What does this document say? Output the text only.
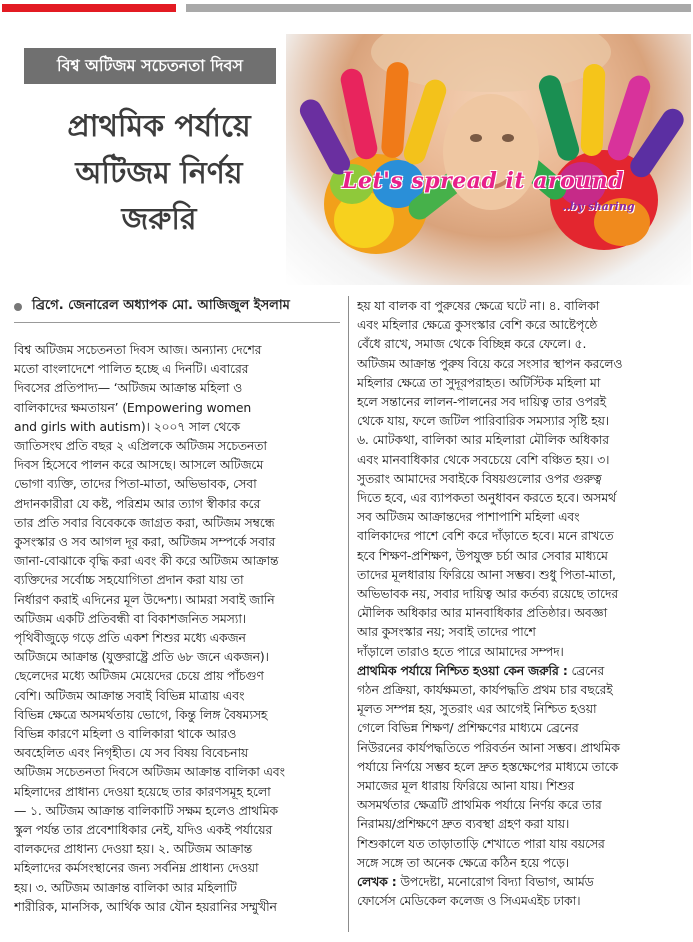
বিশ্ব অটিজম সচেতনতা দিবস
প্রাথমিক পর্যায়ে
অটিজম নির্ণয়
জরুরি
Let's spread it around
..by sharing
ব্রিগে. জেনারেল অধ্যাপক মো. আজিজুল ইসলাম
বিশ্ব অটিজম সচেতনতা দিবস আজ। অন্যান্য দেশের
মতো বাংলাদেশে পালিত হচ্ছে এ দিনটি। এবারের
দিবসের প্রতিপাদ্য— ‘অটিজম আক্রান্ত মহিলা ও
বালিকাদের ক্ষমতায়ন’ (Empowering women
and girls with autism)। ২০০৭ সাল থেকে
জাতিসংঘ প্রতি বছর ২ এপ্রিলকে অটিজম সচেতনতা
দিবস হিসেবে পালন করে আসছে। আসলে অটিজমে
ভোগা ব্যক্তি, তাদের পিতা-মাতা, অভিভাবক, সেবা
প্রদানকারীরা যে কষ্ট, পরিশ্রম আর ত্যাগ স্বীকার করে
তার প্রতি সবার বিবেককে জাগ্রত করা, অটিজম সম্বন্ধে
কুসংস্কার ও সব আগল দূর করা, অটিজম সম্পর্কে সবার
জানা-বোঝাকে বৃদ্ধি করা এবং কী করে অটিজম আক্রান্ত
ব্যক্তিদের সর্বোচ্চ সহযোগিতা প্রদান করা যায় তা
নির্ধারণ করাই এদিনের মূল উদ্দেশ্য। আমরা সবাই জানি
অটিজম একটি প্রতিবন্ধী বা বিকাশজনিত সমস্যা।
পৃথিবীজুড়ে গড়ে প্রতি একশ শিশুর মধ্যে একজন
অটিজমে আক্রান্ত (যুক্তরাষ্ট্রে প্রতি ৬৮ জনে একজন)।
ছেলেদের মধ্যে অটিজম মেয়েদের চেয়ে প্রায় পাঁচগুণ
বেশি। অটিজম আক্রান্ত সবাই বিভিন্ন মাত্রায় এবং
বিভিন্ন ক্ষেত্রে অসমর্থতায় ভোগে, কিন্তু লিঙ্গ বৈষম্যসহ
বিভিন্ন কারণে মহিলা ও বালিকারা থাকে আরও
অবহেলিত এবং নিগৃহীত। যে সব বিষয় বিবেচনায়
অটিজম সচেতনতা দিবসে অটিজম আক্রান্ত বালিকা এবং
মহিলাদের প্রাধান্য দেওয়া হয়েছে তার কারণসমূহ হলো
— ১. অটিজম আক্রান্ত বালিকাটি সক্ষম হলেও প্রাথমিক
স্কুল পর্যন্ত তার প্রবেশাধিকার নেই, যদিও একই পর্যায়ের
বালকদের প্রাধান্য দেওয়া হয়। ২. অটিজম আক্রান্ত
মহিলাদের কর্মসংস্থানের জন্য সর্বনিম্ন প্রাধান্য দেওয়া
হয়। ৩. অটিজম আক্রান্ত বালিকা আর মহিলাটি
শারীরিক, মানসিক, আর্থিক আর যৌন হয়রানির সম্মুখীন
হয় যা বালক বা পুরুষের ক্ষেত্রে ঘটে না। ৪. বালিকা
এবং মহিলার ক্ষেত্রে কুসংস্কার বেশি করে আষ্টেপৃষ্ঠে
বেঁধে রাখে, সমাজ থেকে বিচ্ছিন্ন করে ফেলে। ৫.
অটিজম আক্রান্ত পুরুষ বিয়ে করে সংসার স্থাপন করলেও
মহিলার ক্ষেত্রে তা সুদূরপরাহত। অটিস্টিক মহিলা মা
হলে সন্তানের লালন-পালনের সব দায়িত্ব তার ওপরই
থেকে যায়, ফলে জটিল পারিবারিক সমস্যার সৃষ্টি হয়।
৬. মোটকথা, বালিকা আর মহিলারা মৌলিক অধিকার
এবং মানবাধিকার থেকে সবচেয়ে বেশি বঞ্চিত হয়। ৩।
সুতরাং আমাদের সবাইকে বিষয়গুলোর ওপর গুরুত্ব
দিতে হবে, এর ব্যাপকতা অনুধাবন করতে হবে। অসমর্থ
সব অটিজম আক্রান্তদের পাশাপাশি মহিলা এবং
বালিকাদের পাশে বেশি করে দাঁড়াতে হবে। মনে রাখতে
হবে শিক্ষণ-প্রশিক্ষণ, উপযুক্ত চর্চা আর সেবার মাধ্যমে
তাদের মূলধারায় ফিরিয়ে আনা সম্ভব। শুধু পিতা-মাতা,
অভিভাবক নয়, সবার দায়িত্ব আর কর্তব্য রয়েছে তাদের
মৌলিক অধিকার আর মানবাধিকার প্রতিষ্ঠার। অবজ্ঞা
আর কুসংস্কার নয়; সবাই তাদের পাশে
দাঁড়ালে তারাও হতে পারে আমাদের সম্পদ।
প্রাথমিক পর্যায়ে নিশ্চিত হওয়া কেন জরুরি : ব্রেনের
গঠন প্রক্রিয়া, কার্যক্ষমতা, কার্যপদ্ধতি প্রথম চার বছরেই
মূলত সম্পন্ন হয়, সুতরাং এর আগেই নিশ্চিত হওয়া
গেলে বিভিন্ন শিক্ষণ/ প্রশিক্ষণের মাধ্যমে ব্রেনের
নিউরনের কার্যপদ্ধতিতে পরিবর্তন আনা সম্ভব। প্রাথমিক
পর্যায়ে নির্ণয়ে সম্ভব হলে দ্রুত হস্তক্ষেপের মাধ্যমে তাকে
সমাজের মূল ধারায় ফিরিয়ে আনা যায়। শিশুর
অসমর্থতার ক্ষেত্রটি প্রাথমিক পর্যায়ে নির্ণয় করে তার
নিরাময়/প্রশিক্ষণে দ্রুত ব্যবস্থা গ্রহণ করা যায়।
শিশুকালে যত তাড়াতাড়ি শেখাতে পারা যায় বয়সের
সঙ্গে সঙ্গে তা অনেক ক্ষেত্রে কঠিন হয়ে পড়ে।
লেখক : উপদেষ্টা, মনোরোগ বিদ্যা বিভাগ, আর্মড
ফোর্সেস মেডিকেল কলেজ ও সিএমএইচ ঢাকা।
